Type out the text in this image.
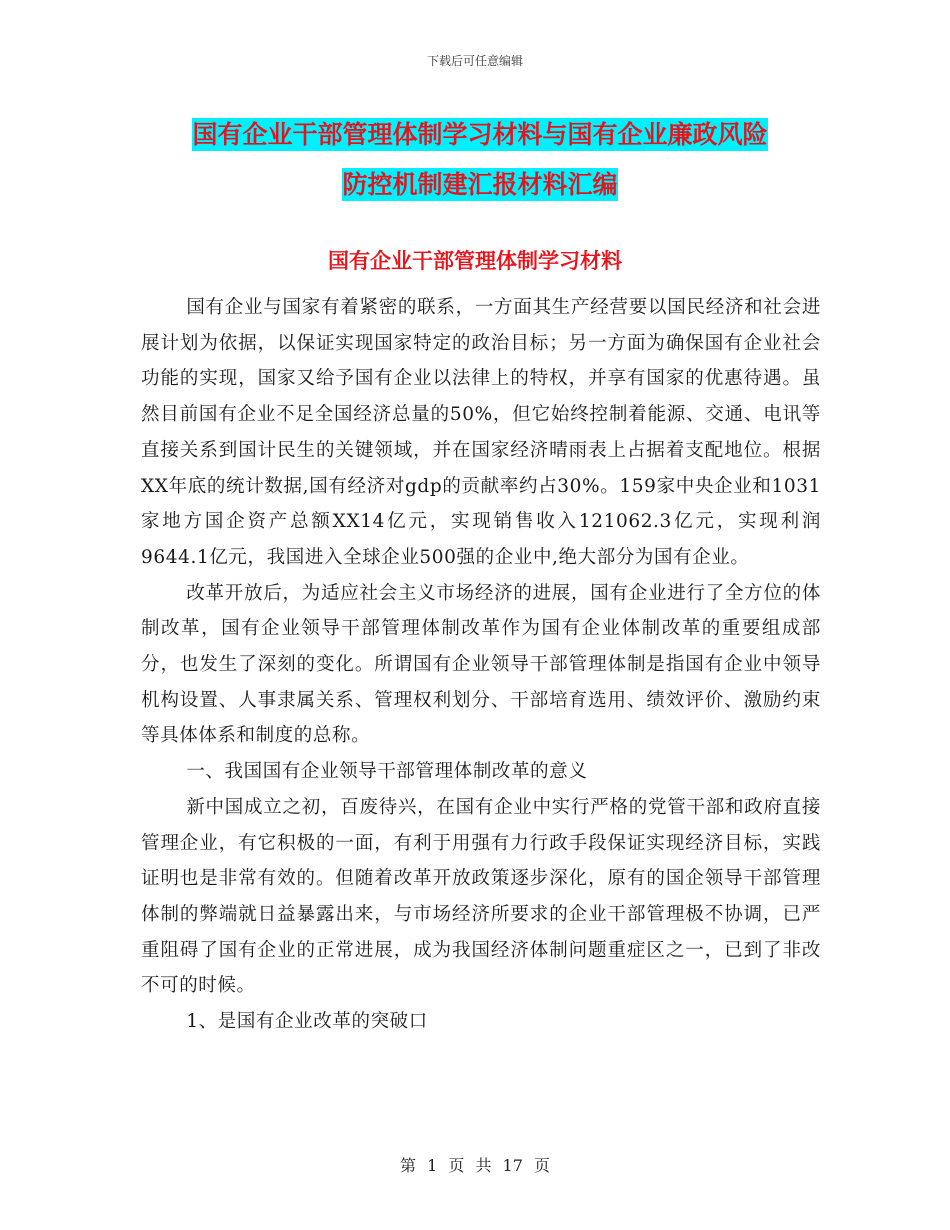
下载后可任意编辑
国有企业干部管理体制学习材料与国有企业廉政风险
防控机制建汇报材料汇编
国有企业干部管理体制学习材料

国有企业与国家有着紧密的联系，一方面其生产经营要以国民经济和社会进展计划为依据，以保证实现国家特定的政治目标；另一方面为确保国有企业社会功能的实现，国家又给予国有企业以法律上的特权，并享有国家的优惠待遇。虽然目前国有企业不足全国经济总量的50%，但它始终控制着能源、交通、电讯等直接关系到国计民生的关键领域，并在国家经济晴雨表上占据着支配地位。根据XX年底的统计数据,国有经济对gdp的贡献率约占30%。159家中央企业和1031家地方国企资产总额XX14亿元，实现销售收入121062.3亿元，实现利润9644.1亿元，我国进入全球企业500强的企业中,绝大部分为国有企业。

改革开放后，为适应社会主义市场经济的进展，国有企业进行了全方位的体制改革，国有企业领导干部管理体制改革作为国有企业体制改革的重要组成部分，也发生了深刻的变化。所谓国有企业领导干部管理体制是指国有企业中领导机构设置、人事隶属关系、管理权利划分、干部培育选用、绩效评价、激励约束等具体体系和制度的总称。

一、我国国有企业领导干部管理体制改革的意义

新中国成立之初，百废待兴，在国有企业中实行严格的党管干部和政府直接管理企业，有它积极的一面，有利于用强有力行政手段保证实现经济目标，实践证明也是非常有效的。但随着改革开放政策逐步深化，原有的国企领导干部管理体制的弊端就日益暴露出来，与市场经济所要求的企业干部管理极不协调，已严重阻碍了国有企业的正常进展，成为我国经济体制问题重症区之一，已到了非改不可的时候。

1、是国有企业改革的突破口

第 1 页 共 17 页
